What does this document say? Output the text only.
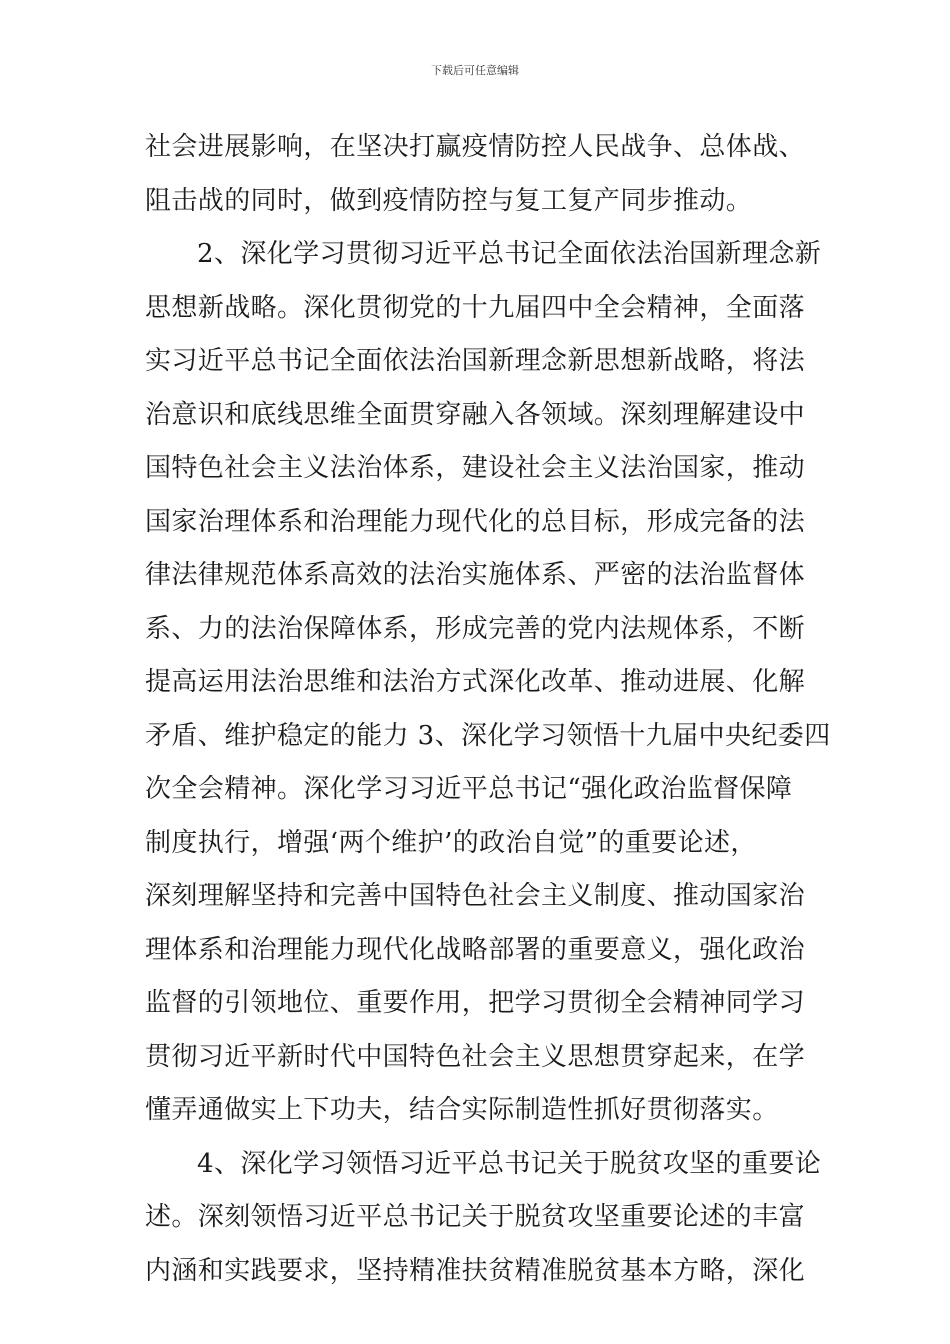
下载后可任意编辑
社会进展影响，在坚决打赢疫情防控人民战争、总体战、
阻击战的同时，做到疫情防控与复工复产同步推动。
2、深化学习贯彻习近平总书记全面依法治国新理念新
思想新战略。深化贯彻党的十九届四中全会精神，全面落
实习近平总书记全面依法治国新理念新思想新战略，将法
治意识和底线思维全面贯穿融入各领域。深刻理解建设中
国特色社会主义法治体系，建设社会主义法治国家，推动
国家治理体系和治理能力现代化的总目标，形成完备的法
律法律规范体系高效的法治实施体系、严密的法治监督体
系、力的法治保障体系，形成完善的党内法规体系，不断
提高运用法治思维和法治方式深化改革、推动进展、化解
矛盾、维护稳定的能力 3、深化学习领悟十九届中央纪委四
次全会精神。深化学习习近平总书记“强化政治监督保障
制度执行，增强‘两个维护’的政治自觉”的重要论述，
深刻理解坚持和完善中国特色社会主义制度、推动国家治
理体系和治理能力现代化战略部署的重要意义，强化政治
监督的引领地位、重要作用，把学习贯彻全会精神同学习
贯彻习近平新时代中国特色社会主义思想贯穿起来，在学
懂弄通做实上下功夫，结合实际制造性抓好贯彻落实。
4、深化学习领悟习近平总书记关于脱贫攻坚的重要论
述。深刻领悟习近平总书记关于脱贫攻坚重要论述的丰富
内涵和实践要求，坚持精准扶贫精准脱贫基本方略，深化
